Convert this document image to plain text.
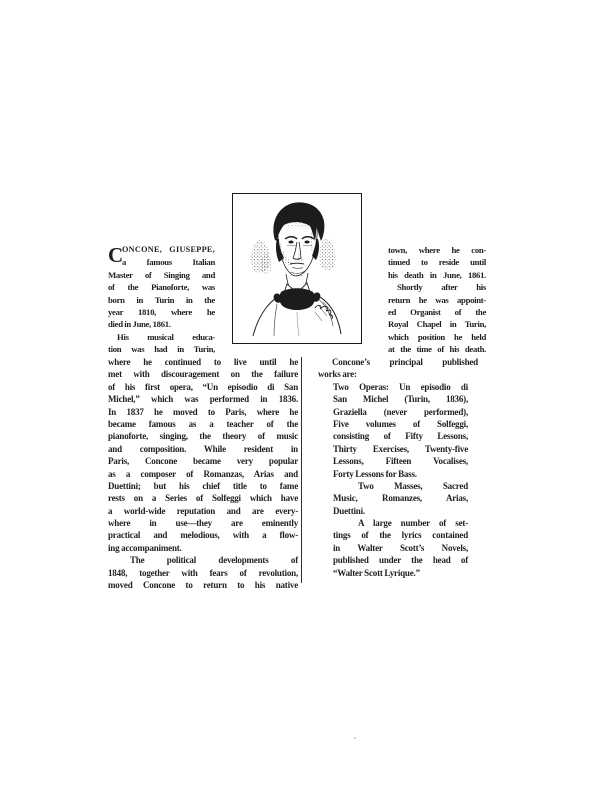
C
ONCONE, GIUSEPPE,
a famous Italian
Master of Singing and
of the Pianoforte, was
born in Turin in the
year 1810, where he
died in June, 1861.
His musical educa-
tion was had in Turin,
town, where he con-
tinued to reside until
his death in June, 1861.
Shortly after his
return he was appoint-
ed Organist of the
Royal Chapel in Turin,
which position he held
at the time of his death.
where he continued to live until he
met with discouragement on the failure
of his first opera, “Un episodio di San
Michel,” which was performed in 1836.
In 1837 he moved to Paris, where he
became famous as a teacher of the
pianoforte, singing, the theory of music
and composition. While resident in
Paris, Concone became very popular
as a composer of Romanzas, Arias and
Duettini; but his chief title to fame
rests on a Series of Solfeggi which have
a world-wide reputation and are every-
where in use—they are eminently
practical and melodious, with a flow-
ing accompaniment.
The political developments of
1848, together with fears of revolution,
moved Concone to return to his native
Concone’s principal published
works are:
Two Operas: Un episodio di
San Michel (Turin, 1836),
Graziella (never performed),
Five volumes of Solfeggi,
consisting of Fifty Lessons,
Thirty Exercises, Twenty-five
Lessons, Fifteen Vocalises,
Forty Lessons for Bass.
Two Masses, Sacred
Music, Romanzes, Arias,
Duettini.
A large number of set-
tings of the lyrics contained
in Walter Scott’s Novels,
published under the head of
“Walter Scott Lyrique.”
